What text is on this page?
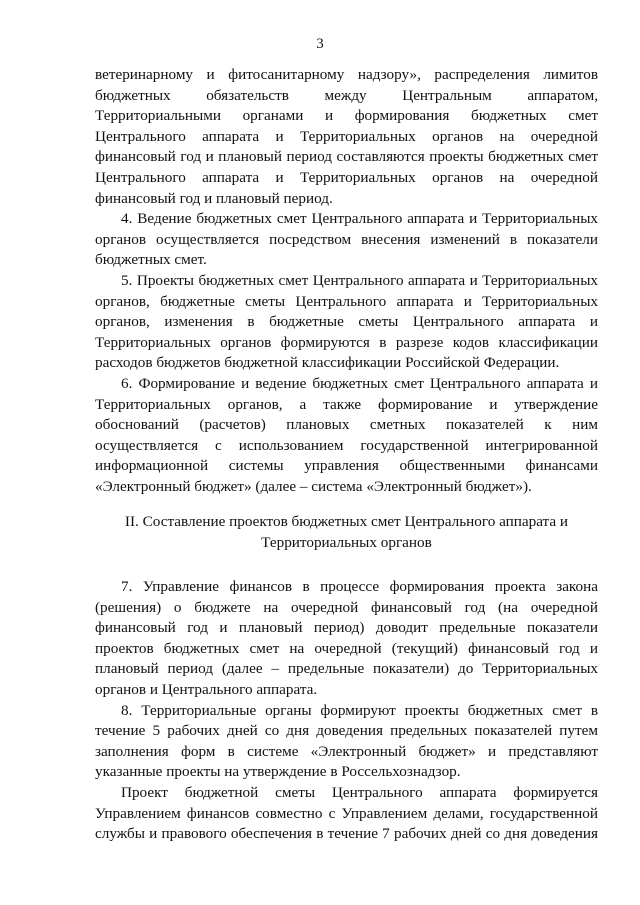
3
ветеринарному и фитосанитарному надзору», распределения лимитов
бюджетных обязательств между Центральным аппаратом,
Территориальными органами и формирования бюджетных смет
Центрального аппарата и Территориальных органов на очередной
финансовый год и плановый период составляются проекты бюджетных смет
Центрального аппарата и Территориальных органов на очередной
финансовый год и плановый период.
4. Ведение бюджетных смет Центрального аппарата и Территориальных
органов осуществляется посредством внесения изменений в показатели
бюджетных смет.
5. Проекты бюджетных смет Центрального аппарата и Территориальных
органов, бюджетные сметы Центрального аппарата и Территориальных
органов, изменения в бюджетные сметы Центрального аппарата и
Территориальных органов формируются в разрезе кодов классификации
расходов бюджетов бюджетной классификации Российской Федерации.
6. Формирование и ведение бюджетных смет Центрального аппарата и
Территориальных органов, а также формирование и утверждение
обоснований (расчетов) плановых сметных показателей к ним
осуществляется с использованием государственной интегрированной
информационной системы управления общественными финансами
«Электронный бюджет» (далее – система «Электронный бюджет»).
II. Составление проектов бюджетных смет Центрального аппарата и
Территориальных органов
7. Управление финансов в процессе формирования проекта закона
(решения) о бюджете на очередной финансовый год (на очередной
финансовый год и плановый период) доводит предельные показатели
проектов бюджетных смет на очередной (текущий) финансовый год и
плановый период (далее – предельные показатели) до Территориальных
органов и Центрального аппарата.
8. Территориальные органы формируют проекты бюджетных смет в
течение 5 рабочих дней со дня доведения предельных показателей путем
заполнения форм в системе «Электронный бюджет» и представляют
указанные проекты на утверждение в Россельхознадзор.
Проект бюджетной сметы Центрального аппарата формируется
Управлением финансов совместно с Управлением делами, государственной
службы и правового обеспечения в течение 7 рабочих дней со дня доведения
